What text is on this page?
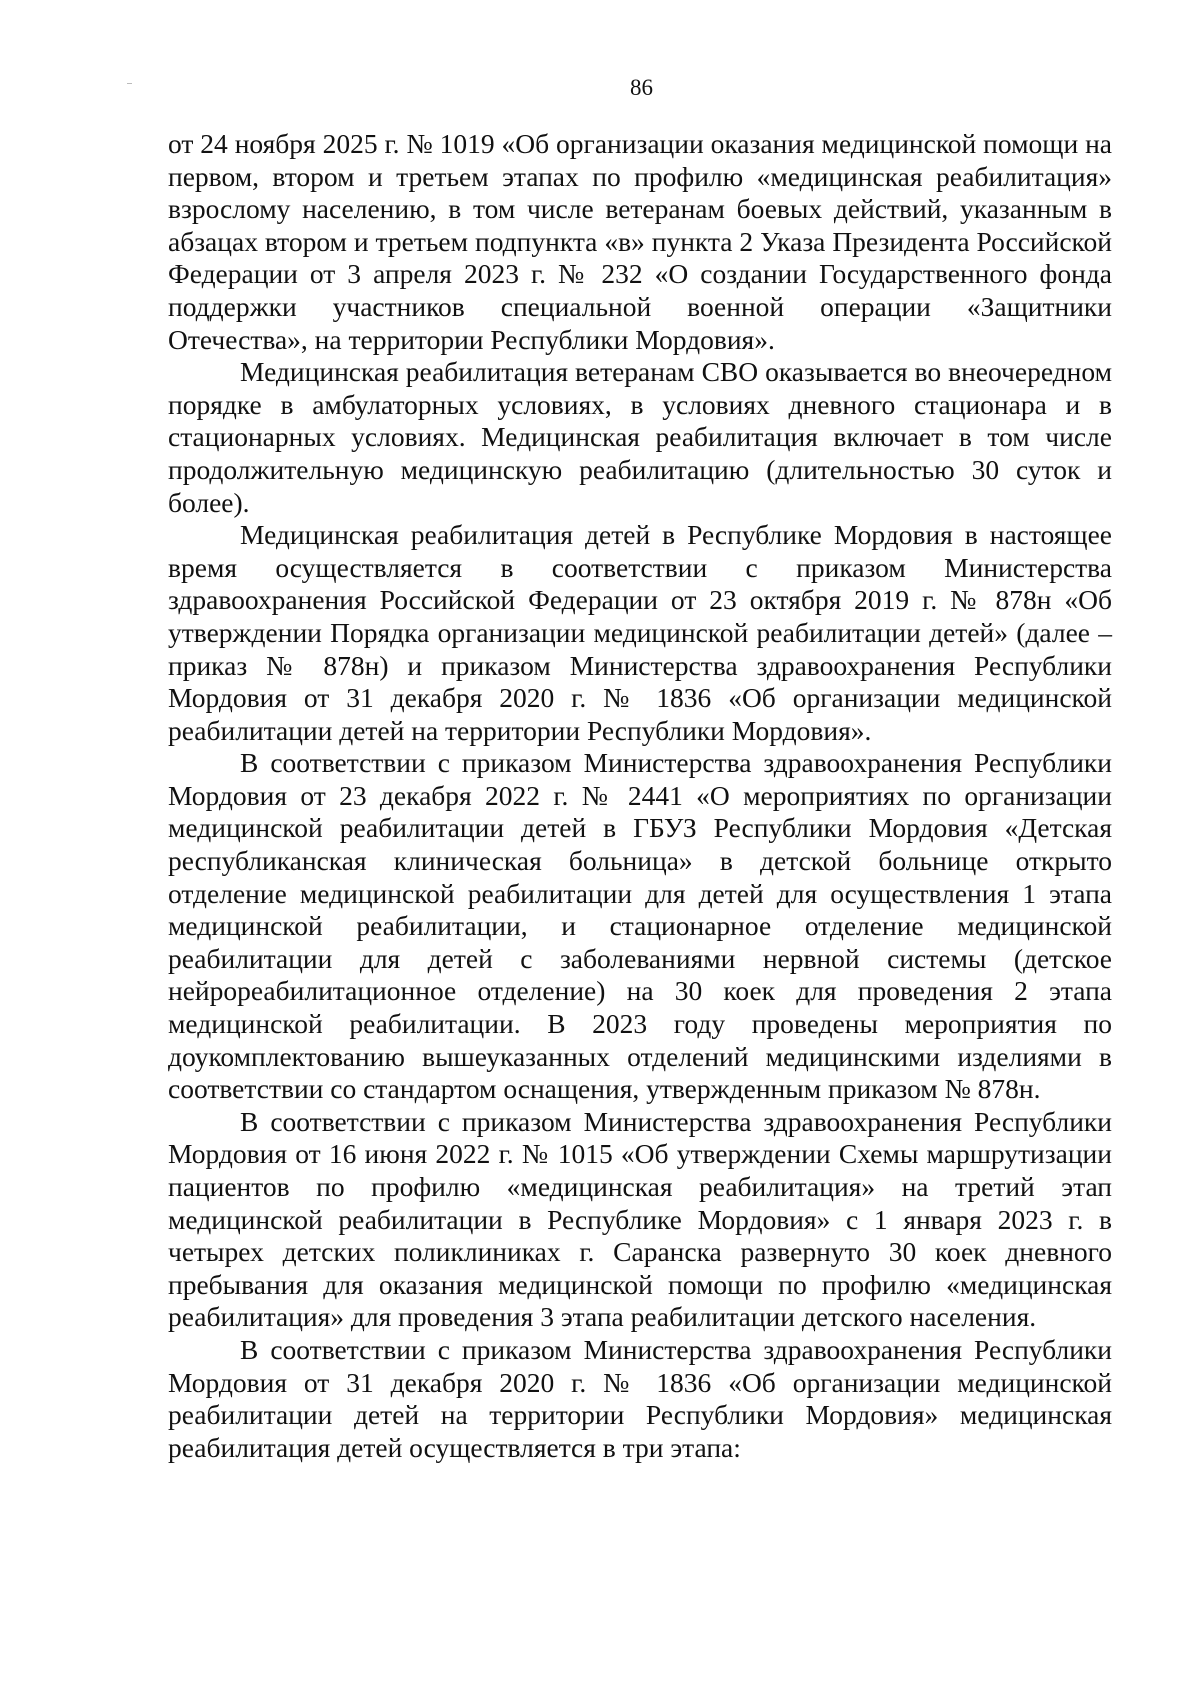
86

от 24 ноября 2025 г. № 1019 «Об организации оказания медицинской помощи на первом, втором и третьем этапах по профилю «медицинская реабилитация» взрослому населению, в том числе ветеранам боевых действий, указанным в абзацах втором и третьем подпункта «в» пункта 2 Указа Президента Российской Федерации от 3 апреля 2023 г. № 232 «О создании Государственного фонда поддержки участников специальной военной операции «Защитники Отечества», на территории Республики Мордовия».

Медицинская реабилитация ветеранам СВО оказывается во внеочередном порядке в амбулаторных условиях, в условиях дневного стационара и в стационарных условиях. Медицинская реабилитация включает в том числе продолжительную медицинскую реабилитацию (длительностью 30 суток и более).

Медицинская реабилитация детей в Республике Мордовия в настоящее время осуществляется в соответствии с приказом Министерства здравоохранения Российской Федерации от 23 октября 2019 г. № 878н «Об утверждении Порядка организации медицинской реабилитации детей» (далее – приказ № 878н) и приказом Министерства здравоохранения Республики Мордовия от 31 декабря 2020 г. № 1836 «Об организации медицинской реабилитации детей на территории Республики Мордовия».

В соответствии с приказом Министерства здравоохранения Республики Мордовия от 23 декабря 2022 г. № 2441 «О мероприятиях по организации медицинской реабилитации детей в ГБУЗ Республики Мордовия «Детская республиканская клиническая больница» в детской больнице открыто отделение медицинской реабилитации для детей для осуществления 1 этапа медицинской реабилитации, и стационарное отделение медицинской реабилитации для детей с заболеваниями нервной системы (детское нейрореабилитационное отделение) на 30 коек для проведения 2 этапа медицинской реабилитации. В 2023 году проведены мероприятия по доукомплектованию вышеуказанных отделений медицинскими изделиями в соответствии со стандартом оснащения, утвержденным приказом № 878н.

В соответствии с приказом Министерства здравоохранения Республики Мордовия от 16 июня 2022 г. № 1015 «Об утверждении Схемы маршрутизации пациентов по профилю «медицинская реабилитация» на третий этап медицинской реабилитации в Республике Мордовия» с 1 января 2023 г. в четырех детских поликлиниках г. Саранска развернуто 30 коек дневного пребывания для оказания медицинской помощи по профилю «медицинская реабилитация» для проведения 3 этапа реабилитации детского населения.

В соответствии с приказом Министерства здравоохранения Республики Мордовия от 31 декабря 2020 г. № 1836 «Об организации медицинской реабилитации детей на территории Республики Мордовия» медицинская реабилитация детей осуществляется в три этапа:
